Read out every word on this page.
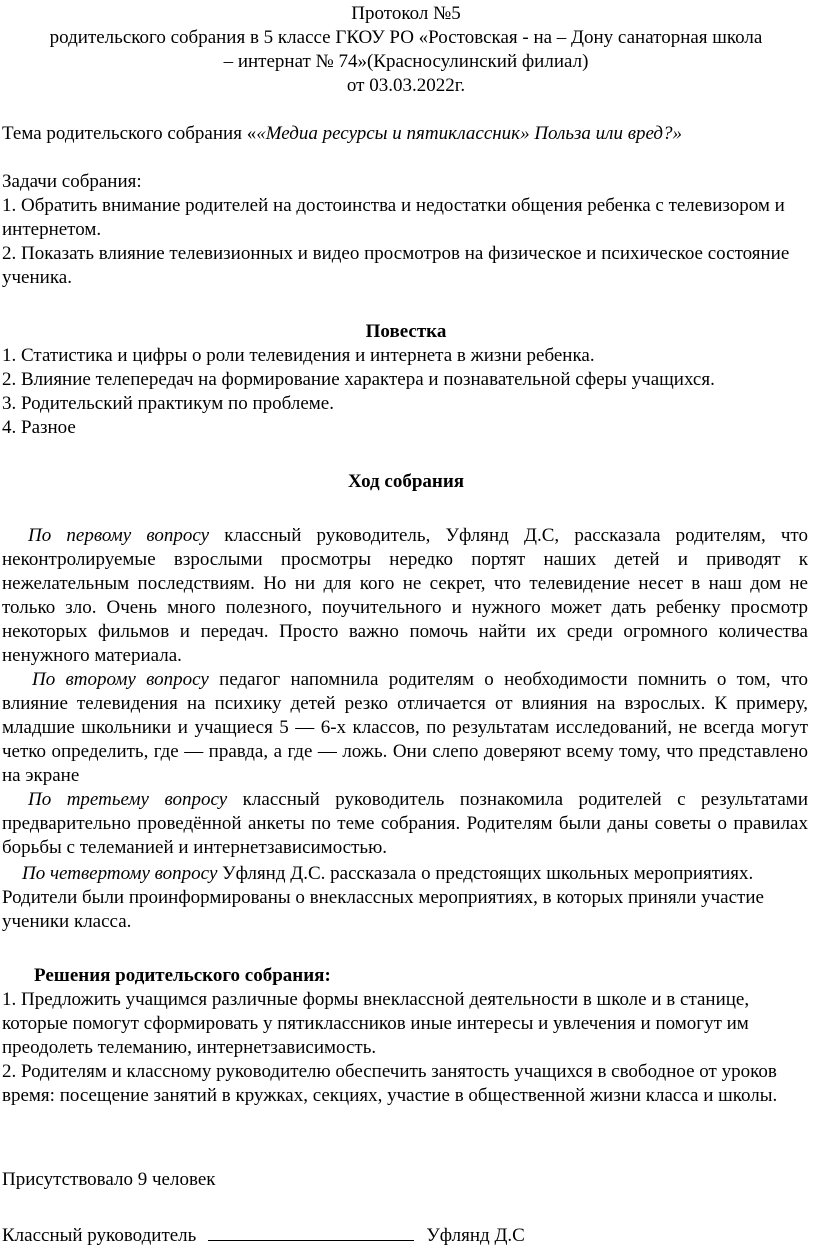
Протокол №5

родительского собрания в 5 классе ГКОУ РО «Ростовская - на – Дону санаторная школа

– интернат № 74»(Красносулинский филиал)

от 03.03.2022г.

Тема родительского собрания ««Медиа ресурсы и пятиклассник» Польза или вред?»

Задачи собрания:

1. Обратить внимание родителей на достоинства и недостатки общения ребенка с телевизором и интернетом.

2. Показать влияние телевизионных и видео просмотров на физическое и психическое состояние ученика.

Повестка

1. Статистика и цифры о роли телевидения и интернета в жизни ребенка.

2. Влияние телепередач на формирование характера и познавательной сферы учащихся.

3. Родительский практикум по проблеме.

4. Разное

Ход собрания

По первому вопросу классный руководитель, Уфлянд Д.С, рассказала родителям, что неконтролируемые взрослыми просмотры нередко портят наших детей и приводят к нежелательным последствиям. Но ни для кого не секрет, что телевидение несет в наш дом не только зло. Очень много полезного, поучительного и нужного может дать ребенку просмотр некоторых фильмов и передач. Просто важно помочь найти их среди огромного количества ненужного материала.

По второму вопросу педагог напомнила родителям о необходимости помнить о том, что влияние телевидения на психику детей резко отличается от влияния на взрослых. К примеру, младшие школьники и учащиеся 5 — 6-х классов, по результатам исследований, не всегда могут четко определить, где — правда, а где — ложь. Они слепо доверяют всему тому, что представлено на экране

По третьему вопросу классный руководитель познакомила родителей с результатами предварительно проведённой анкеты по теме собрания. Родителям были даны советы о правилах борьбы с телеманией и интернетзависимостью.

По четвертому вопросу Уфлянд Д.С. рассказала о предстоящих школьных мероприятиях. Родители были проинформированы о внеклассных мероприятиях, в которых приняли участие ученики класса.

Решения родительского собрания:

1. Предложить учащимся различные формы внеклассной деятельности в школе и в станице, которые помогут сформировать у пятиклассников иные интересы и увлечения и помогут им преодолеть телеманию, интернетзависимость.

2. Родителям и классному руководителю обеспечить занятость учащихся в свободное от уроков время: посещение занятий в кружках, секциях, участие в общественной жизни класса и школы.

Присутствовало 9 человек

Классный руководитель	Уфлянд Д.С
